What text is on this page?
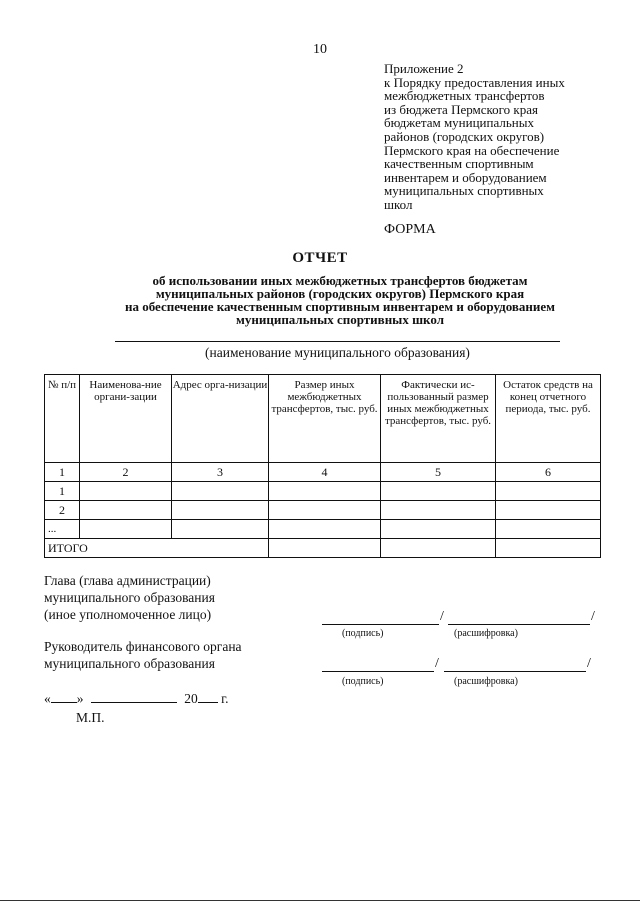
10
Приложение 2
к Порядку предоставления иных
межбюджетных трансфертов
из бюджета Пермского края
бюджетам муниципальных
районов (городских округов)
Пермского края на обеспечение
качественным спортивным
инвентарем и оборудованием
муниципальных спортивных
школ
ФОРМА
ОТЧЕТ
об использовании иных межбюджетных трансфертов бюджетам
муниципальных районов (городских округов) Пермского края
на обеспечение качественным спортивным инвентарем и оборудованием
муниципальных спортивных школ
(наименование муниципального образования)
№ п/п	Наименова-ние органи-зации	Адрес орга-низации	Размер иных межбюджетных трансфертов, тыс. руб.	Фактически ис-пользованный размер иных межбюджетных трансфертов, тыс. руб.	Остаток средств на конец отчетного периода, тыс. руб.
1	2	3	4	5	6
1					
2					
...					
ИТОГО					
Глава (глава администрации)
муниципального образования
(иное уполномоченное лицо)	/	/
(подпись)	(расшифровка)
Руководитель финансового органа
муниципального образования	/	/
(подпись)	(расшифровка)
« »	20 г.
М.П.
